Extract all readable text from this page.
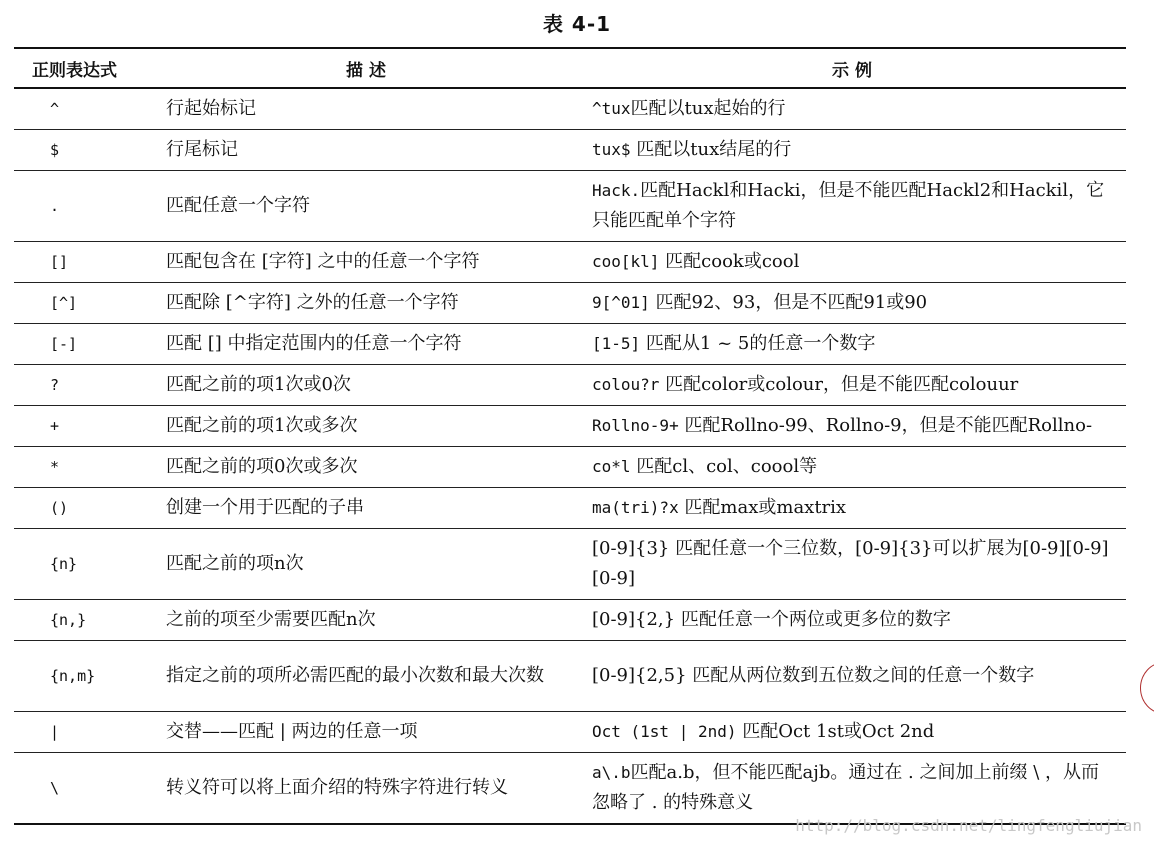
表 4-1
正则表达式	描 述	示 例
^	行起始标记	^tux匹配以tux起始的行
$	行尾标记	tux$ 匹配以tux结尾的行
.	匹配任意一个字符	Hack.匹配Hackl和Hacki，但是不能匹配Hackl2和Hackil，它只能匹配单个字符
[]	匹配包含在 [字符] 之中的任意一个字符	coo[kl] 匹配cook或cool
[^]	匹配除 [^字符] 之外的任意一个字符	9[^01] 匹配92、93，但是不匹配91或90
[-]	匹配 [] 中指定范围内的任意一个字符	[1-5] 匹配从1 ~ 5的任意一个数字
?	匹配之前的项1次或0次	colou?r 匹配color或colour，但是不能匹配colouur
+	匹配之前的项1次或多次	Rollno-9+ 匹配Rollno-99、Rollno-9，但是不能匹配Rollno-
*	匹配之前的项0次或多次	co*l 匹配cl、col、coool等
()	创建一个用于匹配的子串	ma(tri)?x 匹配max或maxtrix
{n}	匹配之前的项n次	[0-9]{3} 匹配任意一个三位数，[0-9]{3}可以扩展为[0-9][0-9][0-9]
{n,}	之前的项至少需要匹配n次	[0-9]{2,} 匹配任意一个两位或更多位的数字
{n,m}	指定之前的项所必需匹配的最小次数和最大次数	[0-9]{2,5} 匹配从两位数到五位数之间的任意一个数字
|	交替——匹配 | 两边的任意一项	Oct (1st | 2nd) 匹配Oct 1st或Oct 2nd
\	转义符可以将上面介绍的特殊字符进行转义	a\.b匹配a.b，但不能匹配ajb。通过在 . 之间加上前缀 \ ，从而忽略了 . 的特殊意义
http://blog.csdn.net/lingfengliujian
